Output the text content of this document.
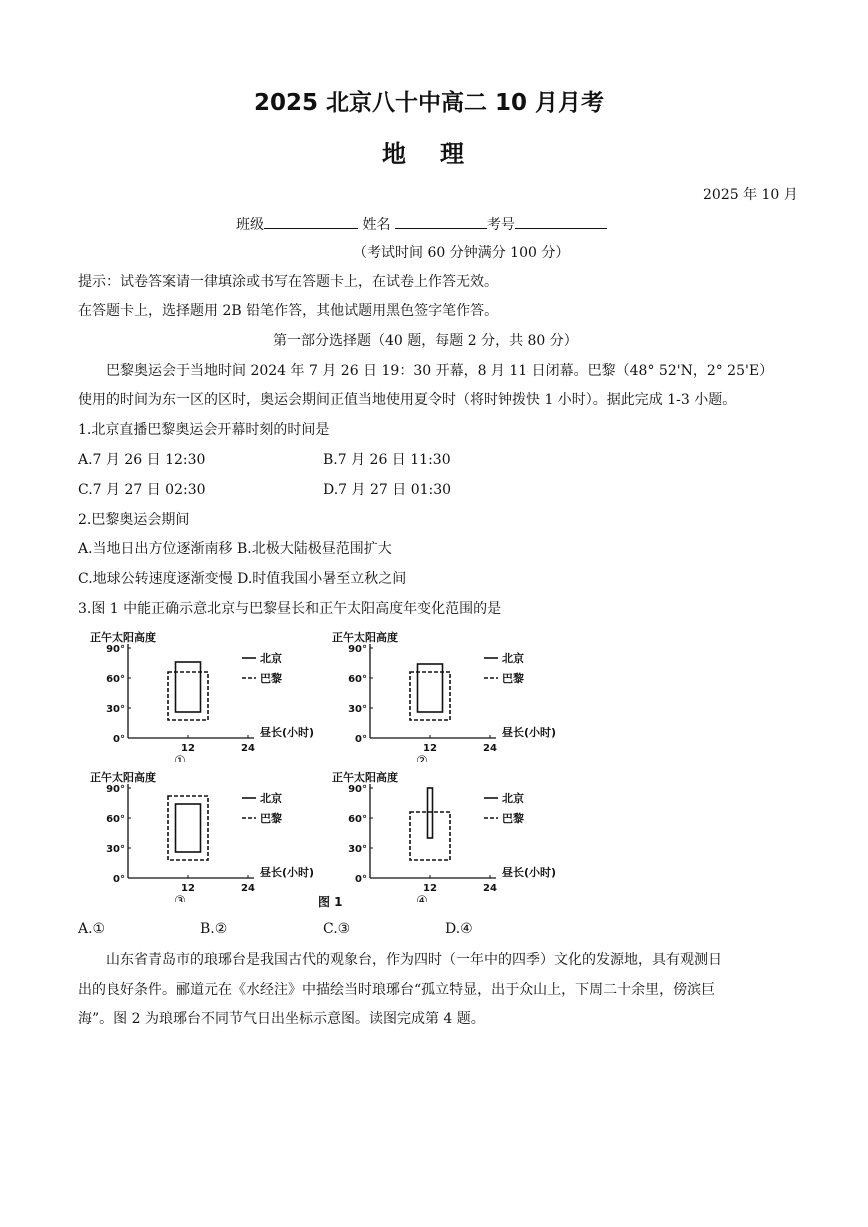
2025 北京八十中高二 10 月月考
地理
2025 年 10 月
班级	姓名	考号
（考试时间 60 分钟满分 100 分）
提示：试卷答案请一律填涂或书写在答题卡上，在试卷上作答无效。
在答题卡上，选择题用 2B 铅笔作答，其他试题用黑色签字笔作答。
第一部分选择题（40 题，每题 2 分，共 80 分）
巴黎奥运会于当地时间 2024 年 7 月 26 日 19：30 开幕，8 月 11 日闭幕。巴黎（48° 52'N，2° 25'E）
使用的时间为东一区的区时，奥运会期间正值当地使用夏令时（将时钟拨快 1 小时）。据此完成 1-3 小题。
1.北京直播巴黎奥运会开幕时刻的时间是
A.7 月 26 日 12:30	B.7 月 26 日 11:30
C.7 月 27 日 02:30	D.7 月 27 日 01:30
2.巴黎奥运会期间
A.当地日出方位逐渐南移 B.北极大陆极昼范围扩大
C.地球公转速度逐渐变慢 D.时值我国小暑至立秋之间
3.图 1 中能正确示意北京与巴黎昼长和正午太阳高度年变化范围的是
正午太阳高度
90°
60°
30°
0°
12	24
昼长(小时)
①
北京
巴黎
正午太阳高度
90°
60°
30°
0°
12	24
昼长(小时)
②
北京
巴黎
正午太阳高度
90°
60°
30°
0°
12	24
昼长(小时)
③
北京
巴黎
正午太阳高度
90°
60°
30°
0°
12	24
昼长(小时)
④
北京
巴黎
图 1
A.①	B.②	C.③	D.④
山东省青岛市的琅琊台是我国古代的观象台，作为四时（一年中的四季）文化的发源地，具有观测日
出的良好条件。郦道元在《水经注》中描绘当时琅琊台“孤立特显，出于众山上，下周二十余里，傍滨巨
海”。图 2 为琅琊台不同节气日出坐标示意图。读图完成第 4 题。
